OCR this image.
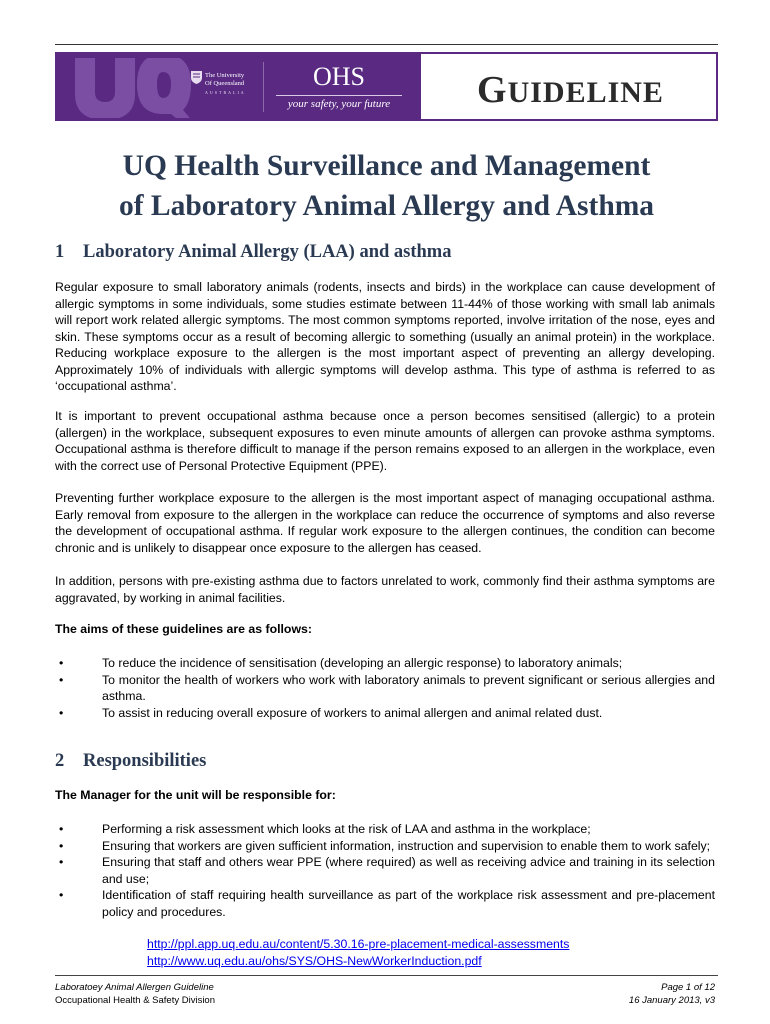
The University
Of Queensland
AUSTRALIA
OHS
your safety, your future	GUIDELINE
UQ Health Surveillance and Management
of Laboratory Animal Allergy and Asthma
1 Laboratory Animal Allergy (LAA) and asthma

Regular exposure to small laboratory animals (rodents, insects and birds) in the workplace can cause development of allergic symptoms in some individuals, some studies estimate between 11-44% of those working with small lab animals will report work related allergic symptoms. The most common symptoms reported, involve irritation of the nose, eyes and skin. These symptoms occur as a result of becoming allergic to something (usually an animal protein) in the workplace. Reducing workplace exposure to the allergen is the most important aspect of preventing an allergy developing. Approximately 10% of individuals with allergic symptoms will develop asthma. This type of asthma is referred to as ‘occupational asthma’.

It is important to prevent occupational asthma because once a person becomes sensitised (allergic) to a protein (allergen) in the workplace, subsequent exposures to even minute amounts of allergen can provoke asthma symptoms. Occupational asthma is therefore difficult to manage if the person remains exposed to an allergen in the workplace, even with the correct use of Personal Protective Equipment (PPE).

Preventing further workplace exposure to the allergen is the most important aspect of managing occupational asthma. Early removal from exposure to the allergen in the workplace can reduce the occurrence of symptoms and also reverse the development of occupational asthma. If regular work exposure to the allergen continues, the condition can become chronic and is unlikely to disappear once exposure to the allergen has ceased.

In addition, persons with pre-existing asthma due to factors unrelated to work, commonly find their asthma symptoms are aggravated, by working in animal facilities.

The aims of these guidelines are as follows:

•	To reduce the incidence of sensitisation (developing an allergic response) to laboratory animals;
•	To monitor the health of workers who work with laboratory animals to prevent significant or serious allergies and asthma.
•	To assist in reducing overall exposure of workers to animal allergen and animal related dust.
2 Responsibilities

The Manager for the unit will be responsible for:

•	Performing a risk assessment which looks at the risk of LAA and asthma in the workplace;
•	Ensuring that workers are given sufficient information, instruction and supervision to enable them to work safely;
•	Ensuring that staff and others wear PPE (where required) as well as receiving advice and training in its selection and use;
•	Identification of staff requiring health surveillance as part of the workplace risk assessment and pre-placement policy and procedures.
http://ppl.app.uq.edu.au/content/5.30.16-pre-placement-medical-assessments
http://www.uq.edu.au/ohs/SYS/OHS-NewWorkerInduction.pdf
Laboratoey Animal Allergen Guideline
Occupational Health & Safety Division
Page 1 of 12
16 January 2013, v3
